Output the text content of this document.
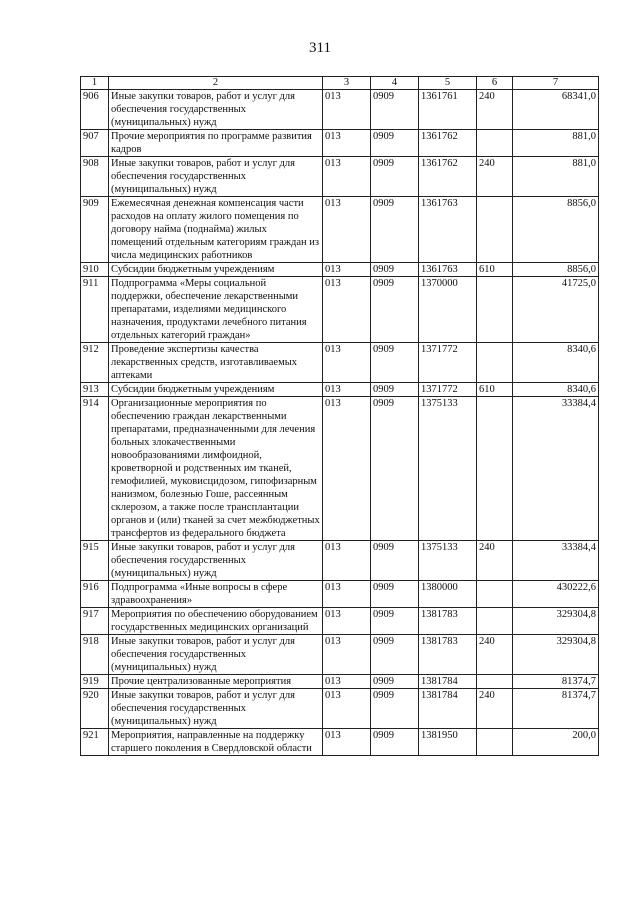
311
1	2	3	4	5	6	7
906	Иные закупки товаров, работ и услуг для обеспечения государственных (муниципальных) нужд	013	0909	1361761	240	68341,0
907	Прочие мероприятия по программе развития кадров	013	0909	1361762		881,0
908	Иные закупки товаров, работ и услуг для обеспечения государственных (муниципальных) нужд	013	0909	1361762	240	881,0
909	Ежемесячная денежная компенсация части расходов на оплату жилого помещения по договору найма (поднайма) жилых помещений отдельным категориям граждан из числа медицинских работников	013	0909	1361763		8856,0
910	Субсидии бюджетным учреждениям	013	0909	1361763	610	8856,0
911	Подпрограмма «Меры социальной поддержки, обеспечение лекарственными препаратами, изделиями медицинского назначения, продуктами лечебного питания отдельных категорий граждан»	013	0909	1370000		41725,0
912	Проведение экспертизы качества лекарственных средств, изготавливаемых аптеками	013	0909	1371772		8340,6
913	Субсидии бюджетным учреждениям	013	0909	1371772	610	8340,6
914	Организационные мероприятия по обеспечению граждан лекарственными препаратами, предназначенными для лечения больных злокачественными новообразованиями лимфоидной, кроветворной и родственных им тканей, гемофилией, муковисцидозом, гипофизарным нанизмом, болезнью Гоше, рассеянным склерозом, а также после трансплантации органов и (или) тканей за счет межбюджетных трансфертов из федерального бюджета	013	0909	1375133		33384,4
915	Иные закупки товаров, работ и услуг для обеспечения государственных (муниципальных) нужд	013	0909	1375133	240	33384,4
916	Подпрограмма «Иные вопросы в сфере здравоохранения»	013	0909	1380000		430222,6
917	Мероприятия по обеспечению оборудованием государственных медицинских организаций	013	0909	1381783		329304,8
918	Иные закупки товаров, работ и услуг для обеспечения государственных (муниципальных) нужд	013	0909	1381783	240	329304,8
919	Прочие централизованные мероприятия	013	0909	1381784		81374,7
920	Иные закупки товаров, работ и услуг для обеспечения государственных (муниципальных) нужд	013	0909	1381784	240	81374,7
921	Мероприятия, направленные на поддержку старшего поколения в Свердловской области	013	0909	1381950		200,0
